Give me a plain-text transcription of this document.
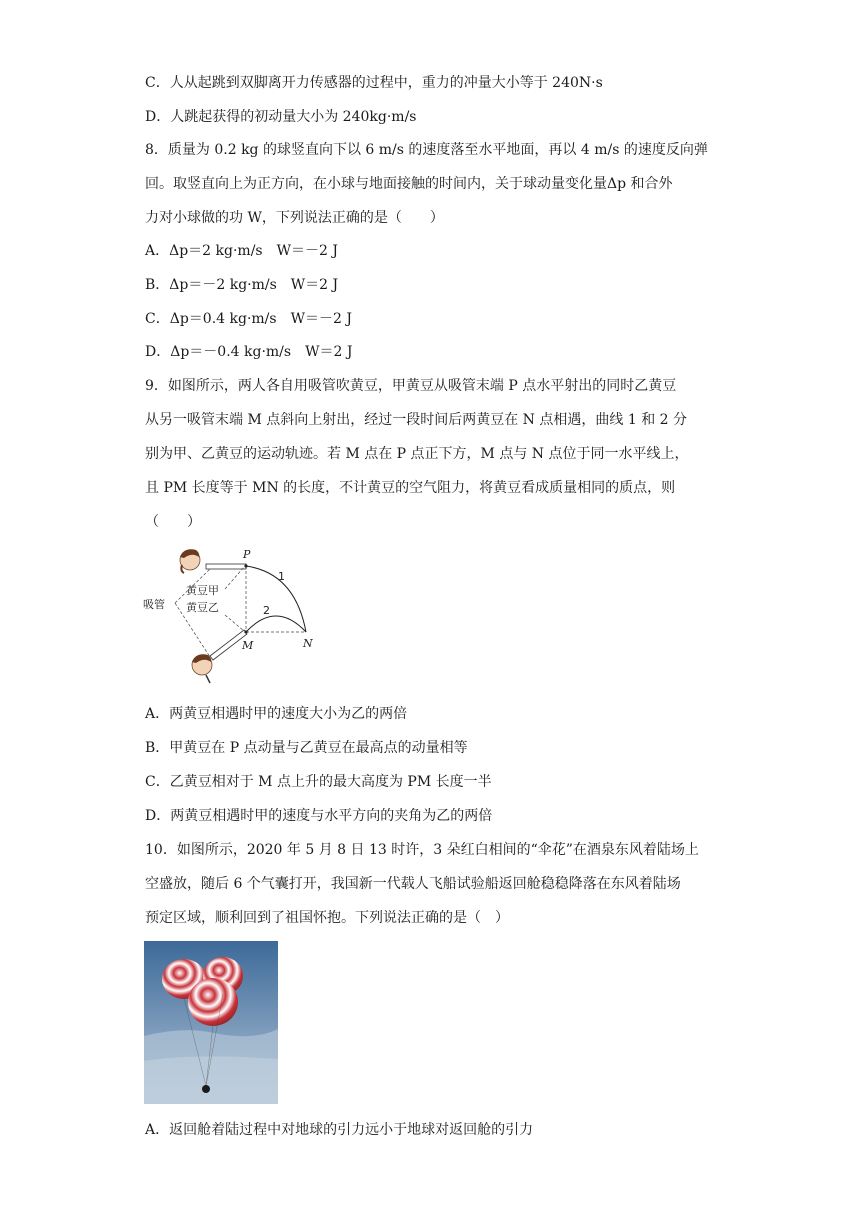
C．人从起跳到双脚离开力传感器的过程中，重力的冲量大小等于 240N·s
D．人跳起获得的初动量大小为 240kg·m/s
8．质量为 0.2 kg 的球竖直向下以 6 m/s 的速度落至水平地面，再以 4 m/s 的速度反向弹
回。取竖直向上为正方向，在小球与地面接触的时间内，关于球动量变化量Δp 和合外
力对小球做的功 W，下列说法正确的是（　　）
A．Δp＝2 kg·m/s　W＝－2 J
B．Δp＝－2 kg·m/s　W＝2 J
C．Δp＝0.4 kg·m/s　W＝－2 J
D．Δp＝－0.4 kg·m/s　W＝2 J
9．如图所示，两人各自用吸管吹黄豆，甲黄豆从吸管末端 P 点水平射出的同时乙黄豆
从另一吸管末端 M 点斜向上射出，经过一段时间后两黄豆在 N 点相遇，曲线 1 和 2 分
别为甲、乙黄豆的运动轨迹。若 M 点在 P 点正下方，M 点与 N 点位于同一水平线上，
且 PM 长度等于 MN 的长度，不计黄豆的空气阻力，将黄豆看成质量相同的质点，则
（　　）
A．两黄豆相遇时甲的速度大小为乙的两倍
B．甲黄豆在 P 点动量与乙黄豆在最高点的动量相等
C．乙黄豆相对于 M 点上升的最大高度为 PM 长度一半
D．两黄豆相遇时甲的速度与水平方向的夹角为乙的两倍
10．如图所示，2020 年 5 月 8 日 13 时许，3 朵红白相间的“伞花”在酒泉东风着陆场上
空盛放，随后 6 个气囊打开，我国新一代载人飞船试验船返回舱稳稳降落在东风着陆场
预定区域，顺利回到了祖国怀抱。下列说法正确的是（　）
A．返回舱着陆过程中对地球的引力远小于地球对返回舱的引力
P
M	N
1
2
吸管
黄豆甲
黄豆乙
